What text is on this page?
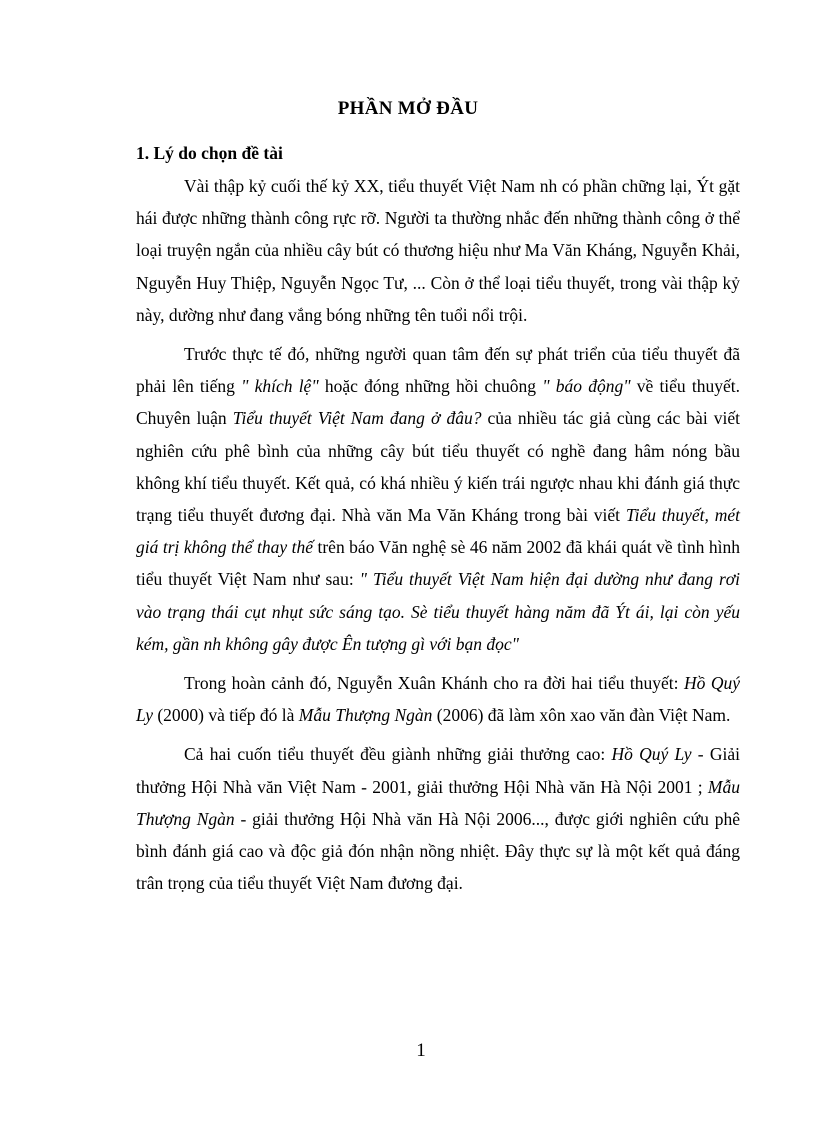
PHẦN MỞ ĐẦU
1. Lý do chọn đề tài

Vài thập kỷ cuối thế kỷ XX, tiểu thuyết Việt Nam nh có phần chững lại, Ýt gặt hái được những thành công rực rỡ. Người ta thường nhắc đến những thành công ở thể loại truyện ngắn của nhiều cây bút có thương hiệu như Ma Văn Kháng, Nguyễn Khải, Nguyễn Huy Thiệp, Nguyễn Ngọc Tư, ... Còn ở thể loại tiểu thuyết, trong vài thập kỷ này, dường như đang vắng bóng những tên tuổi nổi trội.

Trước thực tế đó, những người quan tâm đến sự phát triển của tiểu thuyết đã phải lên tiếng " khích lệ" hoặc đóng những hồi chuông " báo động" về tiểu thuyết. Chuyên luận Tiểu thuyết Việt Nam đang ở đâu? của nhiều tác giả cùng các bài viết nghiên cứu phê bình của những cây bút tiểu thuyết có nghề đang hâm nóng bầu không khí tiểu thuyết. Kết quả, có khá nhiều ý kiến trái ngược nhau khi đánh giá thực trạng tiểu thuyết đương đại. Nhà văn Ma Văn Kháng trong bài viết Tiểu thuyết, mét giá trị không thể thay thế trên báo Văn nghệ sè 46 năm 2002 đã khái quát về tình hình tiểu thuyết Việt Nam như sau: " Tiểu thuyết Việt Nam hiện đại dường như đang rơi vào trạng thái cụt nhụt sức sáng tạo. Sè tiểu thuyết hàng năm đã Ýt ái, lại còn yếu kém, gần nh không gây được Ên tượng gì với bạn đọc"

Trong hoàn cảnh đó, Nguyễn Xuân Khánh cho ra đời hai tiểu thuyết: Hồ Quý Ly (2000) và tiếp đó là Mẫu Thượng Ngàn (2006) đã làm xôn xao văn đàn Việt Nam.

Cả hai cuốn tiểu thuyết đều giành những giải thưởng cao: Hồ Quý Ly - Giải thưởng Hội Nhà văn Việt Nam - 2001, giải thưởng Hội Nhà văn Hà Nội 2001 ; Mẫu Thượng Ngàn - giải thưởng Hội Nhà văn Hà Nội 2006..., được giới nghiên cứu phê bình đánh giá cao và độc giả đón nhận nồng nhiệt. Đây thực sự là một kết quả đáng trân trọng của tiểu thuyết Việt Nam đương đại.

1
